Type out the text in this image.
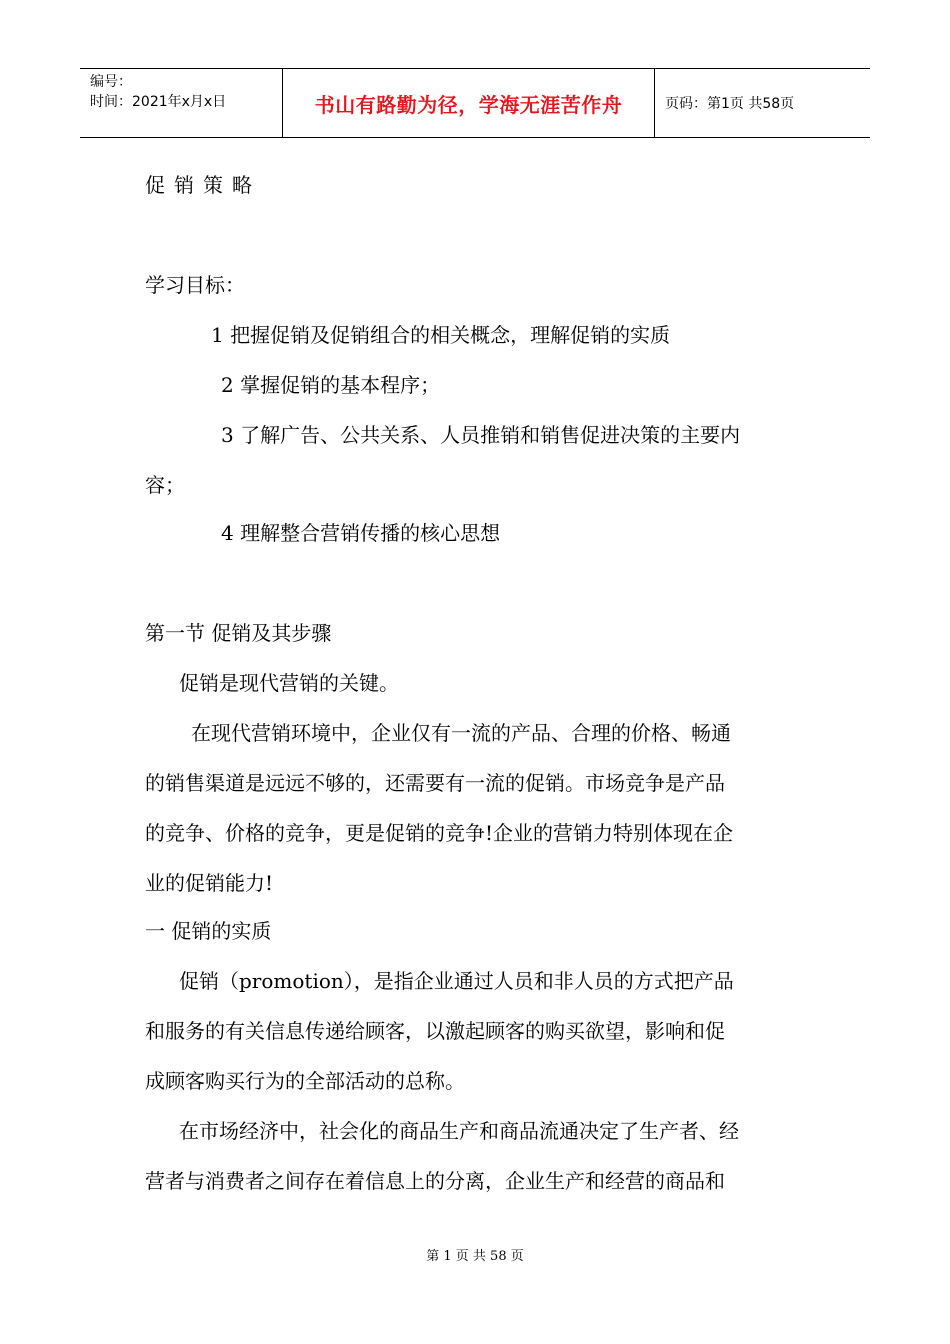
编号：
时间：2021年x月x日	书山有路勤为径，学海无涯苦作舟	页码：第1页 共58页
促销策略
学习目标：
1 把握促销及促销组合的相关概念，理解促销的实质
2 掌握促销的基本程序；
3 了解广告、公共关系、人员推销和销售促进决策的主要内
容；
4 理解整合营销传播的核心思想
第一节 促销及其步骤
促销是现代营销的关键。
在现代营销环境中，企业仅有一流的产品、合理的价格、畅通
的销售渠道是远远不够的，还需要有一流的促销。市场竞争是产品
的竞争、价格的竞争，更是促销的竞争!企业的营销力特别体现在企
业的促销能力!
一 促销的实质
促销（promotion），是指企业通过人员和非人员的方式把产品
和服务的有关信息传递给顾客，以激起顾客的购买欲望，影响和促
成顾客购买行为的全部活动的总称。
在市场经济中，社会化的商品生产和商品流通决定了生产者、经
营者与消费者之间存在着信息上的分离，企业生产和经营的商品和
第 1 页 共 58 页
